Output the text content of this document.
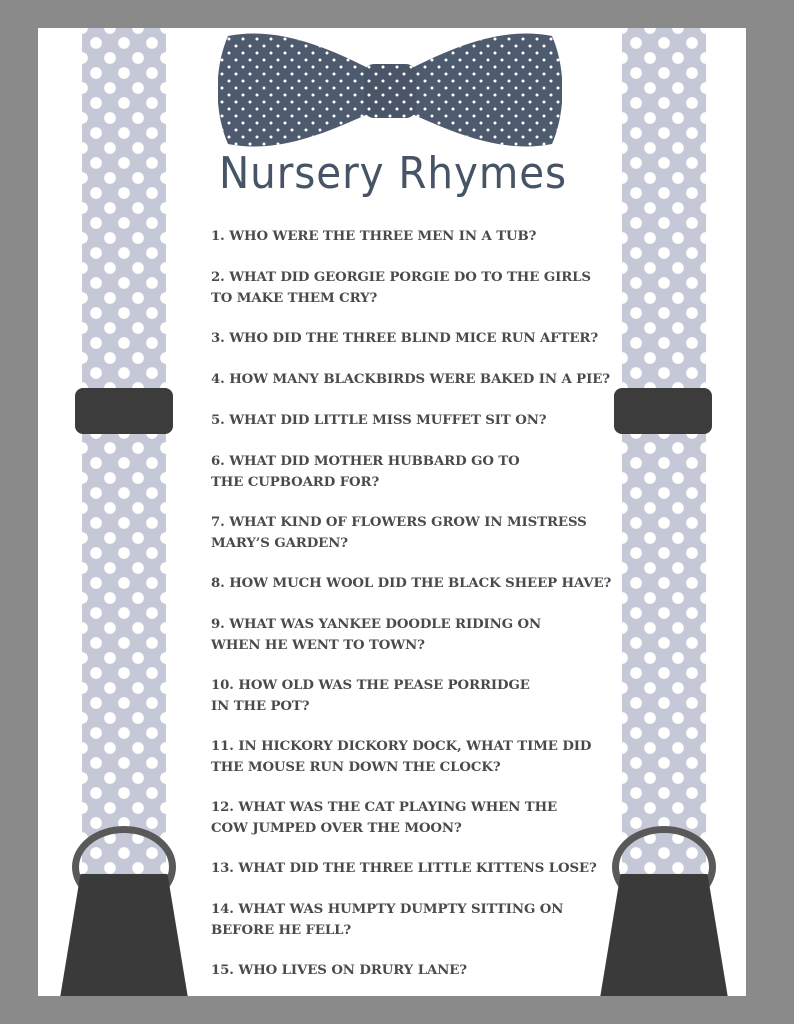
Nursery Rhymes
1. WHO WERE THE THREE MEN IN A TUB?
2. WHAT DID GEORGIE PORGIE DO TO THE GIRLS
TO MAKE THEM CRY?
3. WHO DID THE THREE BLIND MICE RUN AFTER?
4. HOW MANY BLACKBIRDS WERE BAKED IN A PIE?
5. WHAT DID LITTLE MISS MUFFET SIT ON?
6. WHAT DID MOTHER HUBBARD GO TO
THE CUPBOARD FOR?
7. WHAT KIND OF FLOWERS GROW IN MISTRESS
MARY’S GARDEN?
8. HOW MUCH WOOL DID THE BLACK SHEEP HAVE?
9. WHAT WAS YANKEE DOODLE RIDING ON
WHEN HE WENT TO TOWN?
10. HOW OLD WAS THE PEASE PORRIDGE
IN THE POT?
11. IN HICKORY DICKORY DOCK, WHAT TIME DID
THE MOUSE RUN DOWN THE CLOCK?
12. WHAT WAS THE CAT PLAYING WHEN THE
COW JUMPED OVER THE MOON?
13. WHAT DID THE THREE LITTLE KITTENS LOSE?
14. WHAT WAS HUMPTY DUMPTY SITTING ON
BEFORE HE FELL?
15. WHO LIVES ON DRURY LANE?
